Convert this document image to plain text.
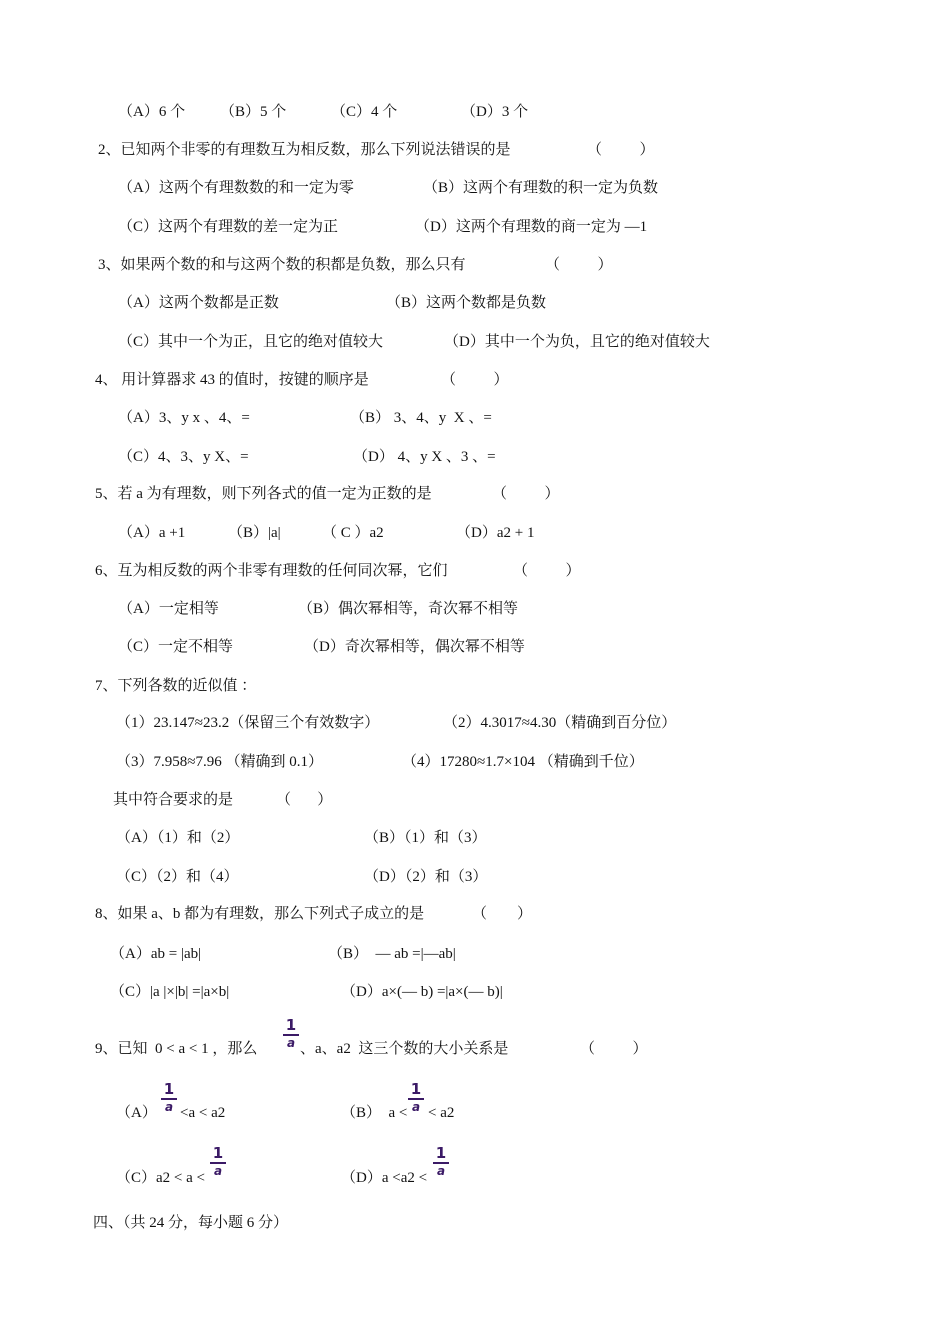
（A）6 个 （B）5 个	（C）4 个	（D）3 个
2、已知两个非零的有理数互为相反数，那么下列说法错误的是	（          ）
（A）这两个有理数数的和一定为零	（B）这两个有理数的积一定为负数
（C）这两个有理数的差一定为正	（D）这两个有理数的商一定为 —1
3、如果两个数的和与这两个数的积都是负数，那么只有	（          ）
（A）这两个数都是正数	（B）这两个数都是负数
（C）其中一个为正，且它的绝对值较大	（D）其中一个为负，且它的绝对值较大
4、 用计算器求 43 的值时，按键的顺序是	（          ）
（A）3、y x 、4、=	（B） 3、4、y  X 、=
（C）4、3、y X、=	（D） 4、y X 、3 、=
5、若 a 为有理数，则下列各式的值一定为正数的是	（          ）
（A）a +1	（B）|a|	（ C ）a2	（D）a2 + 1
6、互为相反数的两个非零有理数的任何同次幂，它们	（          ）
（A）一定相等	（B）偶次幂相等，奇次幂不相等
（C）一定不相等	（D）奇次幂相等，偶次幂不相等
7、下列各数的近似值 ：
（1）23.147≈23.2（保留三个有效数字）	（2）4.3017≈4.30（精确到百分位）
（3）7.958≈7.96 （精确到 0.1）	（4）17280≈1.7×104 （精确到千位）
其中符合要求的是	（       ）
（A）（1）和（2）	（B）（1）和（3）
（C）（2）和（4）	（D）（2）和（3）
8、如果 a、b 都为有理数，那么下列式子成立的是	（        ）
（A）ab = |ab|	（B）  — ab =|—ab|
（C）|a |×|b| =|a×b|	（D）a×(— b) =|a×(— b)|
9、已知  0 < a < 1 ，那么
1
a 、a、a2  这三个数的大小关系是	（          ）
（A）
1
a <a < a2	（B）  a <
1
a < a2
（C）a2 < a <
1
a	（D）a <a2 <
1
a
四、（共 24 分，每小题 6 分）
